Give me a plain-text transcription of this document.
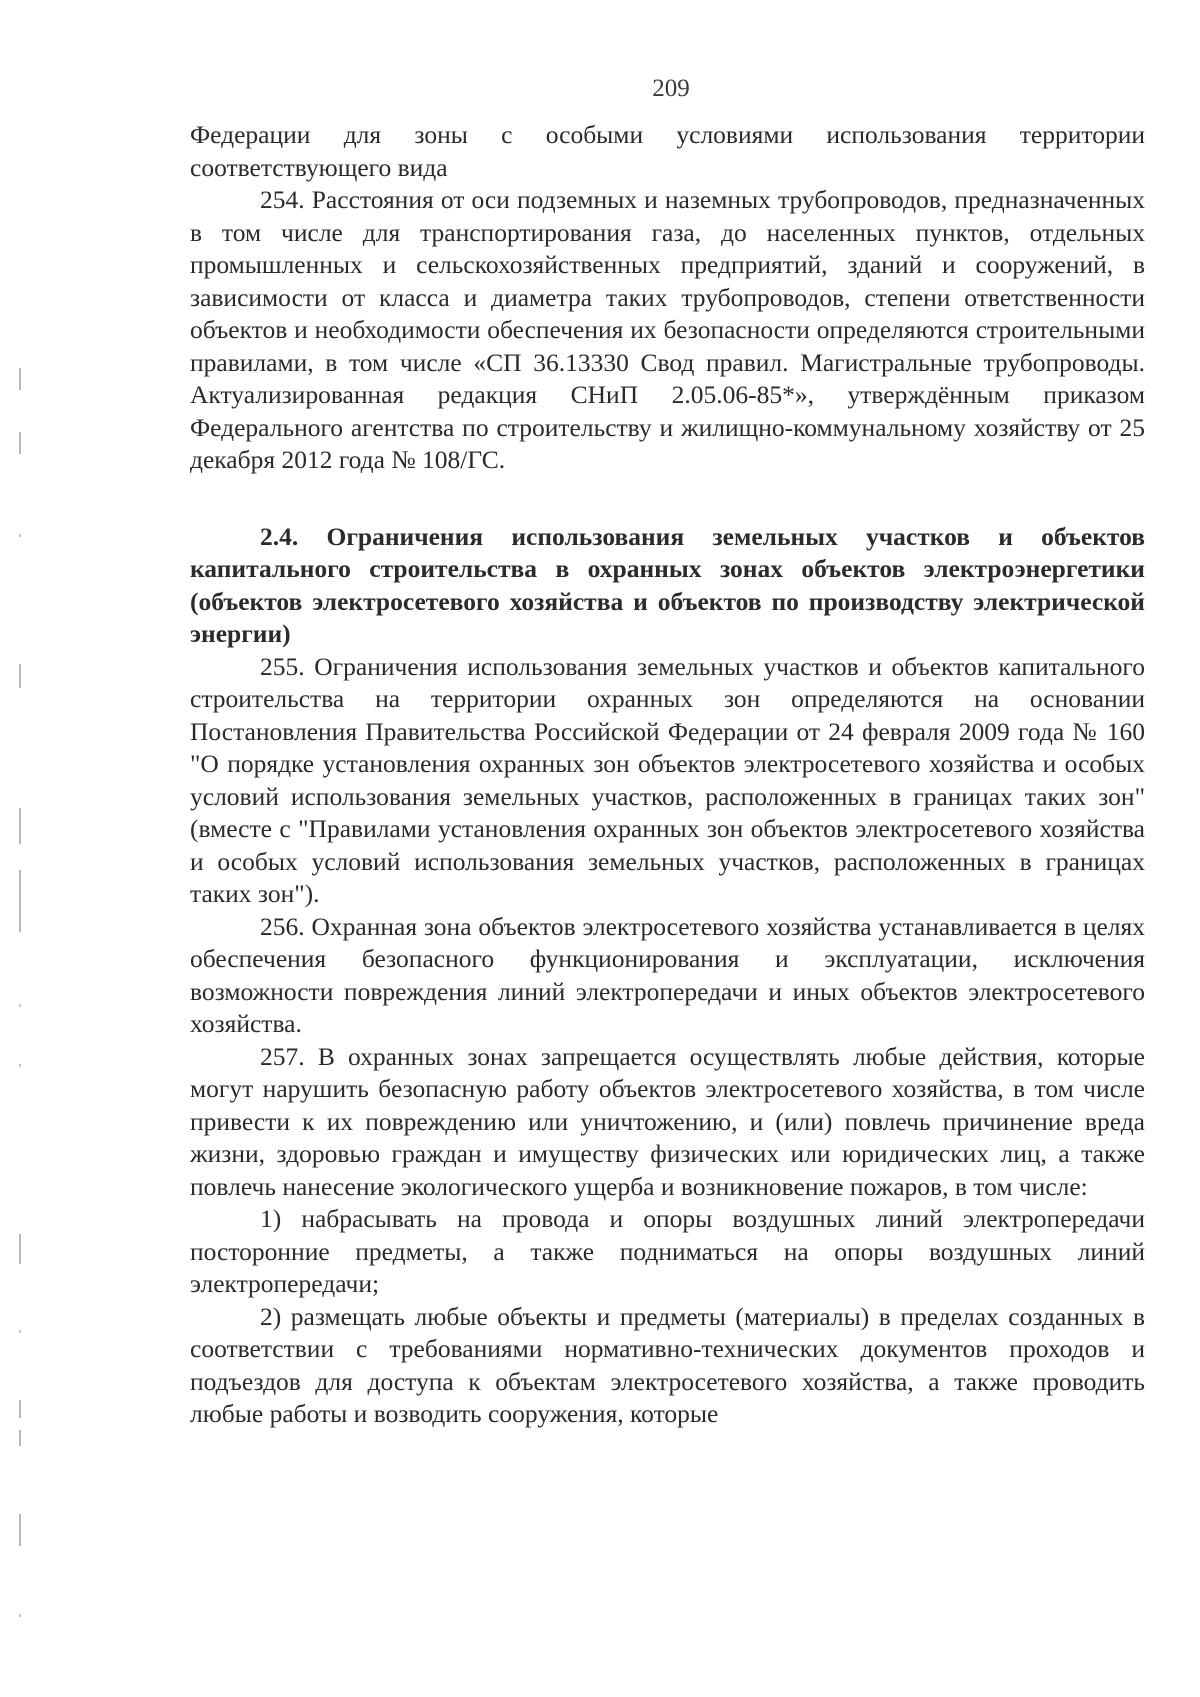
209

Федерации для зоны с особыми условиями использования территории соответствующего вида

254. Расстояния от оси подземных и наземных трубопроводов, предназначенных в том числе для транспортирования газа, до населенных пунктов, отдельных промышленных и сельскохозяйственных предприятий, зданий и сооружений, в зависимости от класса и диаметра таких трубопроводов, степени ответственности объектов и необходимости обеспечения их безопасности определяются строительными правилами, в том числе «СП 36.13330 Свод правил. Магистральные трубопроводы. Актуализированная редакция СНиП 2.05.06-85*», утверждённым приказом Федерального агентства по строительству и жилищно-коммунальному хозяйству от 25 декабря 2012 года № 108/ГС.

2.4. Ограничения использования земельных участков и объектов капитального строительства в охранных зонах объектов электроэнергетики (объектов электросетевого хозяйства и объектов по производству электрической энергии)

255. Ограничения использования земельных участков и объектов капитального строительства на территории охранных зон определяются на основании Постановления Правительства Российской Федерации от 24 февраля 2009 года № 160 "О порядке установления охранных зон объектов электросетевого хозяйства и особых условий использования земельных участков, расположенных в границах таких зон" (вместе с "Правилами установления охранных зон объектов электросетевого хозяйства и особых условий использования земельных участков, расположенных в границах таких зон").

256. Охранная зона объектов электросетевого хозяйства устанавливается в целях обеспечения безопасного функционирования и эксплуатации, исключения возможности повреждения линий электропередачи и иных объектов электросетевого хозяйства.

257. В охранных зонах запрещается осуществлять любые действия, которые могут нарушить безопасную работу объектов электросетевого хозяйства, в том числе привести к их повреждению или уничтожению, и (или) повлечь причинение вреда жизни, здоровью граждан и имуществу физических или юридических лиц, а также повлечь нанесение экологического ущерба и возникновение пожаров, в том числе:

1) набрасывать на провода и опоры воздушных линий электропередачи посторонние предметы, а также подниматься на опоры воздушных линий электропередачи;

2) размещать любые объекты и предметы (материалы) в пределах созданных в соответствии с требованиями нормативно-технических документов проходов и подъездов для доступа к объектам электросетевого хозяйства, а также проводить любые работы и возводить сооружения, которые
